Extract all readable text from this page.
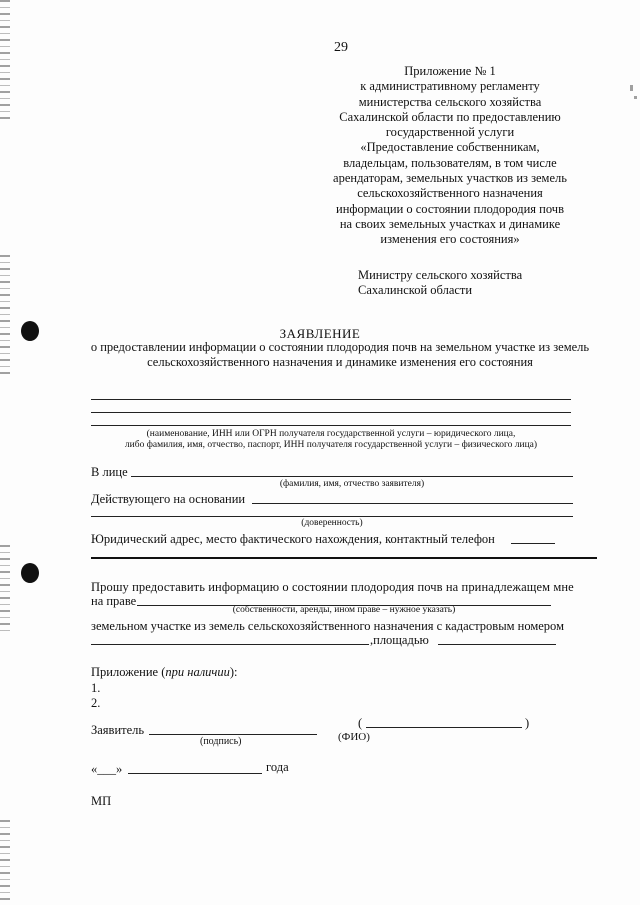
29
Приложение № 1
к административному регламенту
министерства сельского хозяйства
Сахалинской области по предоставлению
государственной услуги
«Предоставление собственникам,
владельцам, пользователям, в том числе
арендаторам, земельных участков из земель
сельскохозяйственного назначения
информации о состоянии плодородия почв
на своих земельных участках и динамике
изменения его состояния»
Министру сельского хозяйства
Сахалинской области
ЗАЯВЛЕНИЕ
о предоставлении информации о состоянии плодородия почв на земельном участке из земель сельскохозяйственного назначения и динамике изменения его состояния
(наименование, ИНН или ОГРН получателя государственной услуги – юридического лица,
либо фамилия, имя, отчество, паспорт, ИНН получателя государственной услуги – физического лица)
В лице
(фамилия, имя, отчество заявителя)
Действующего на основании
(доверенность)
Юридический адрес, место фактического нахождения, контактный телефон
Прошу предоставить информацию о состоянии плодородия почв на принадлежащем мне
на праве
(собственности, аренды, ином праве – нужное указать)
земельном участке из земель сельскохозяйственного назначения с кадастровым номером
,площадью
Приложение (при наличии):
1.
2.
Заявитель
(подпись)
(	)
(ФИО)
«___»	года
МП
